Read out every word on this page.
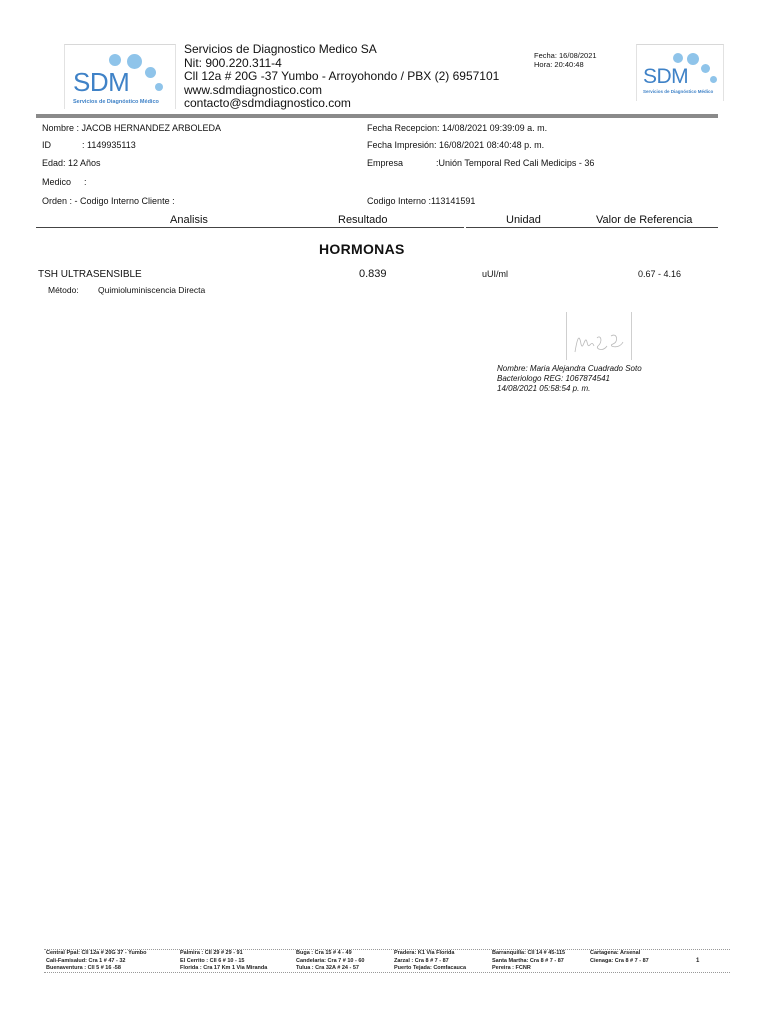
SDM
Servicios de Diagnóstico Médico
SDM
Servicios de Diagnóstico Médico
Servicios de Diagnostico Medico SA
Nit: 900.220.311-4
Cll 12a # 20G -37 Yumbo - Arroyohondo / PBX (2) 6957101
www.sdmdiagnostico.com
contacto@sdmdiagnostico.com
Fecha: 16/08/2021
Hora: 20:40:48
Nombre : JACOB HERNANDEZ ARBOLEDA
ID	: 1149935113
Edad: 12 Años
Medico :
Orden : - Codigo Interno Cliente :
Fecha Recepcion: 14/08/2021 09:39:09 a. m.
Fecha Impresión: 16/08/2021 08:40:48 p. m.
Empresa	:Unión Temporal Red Cali Medicips - 36
Codigo Interno :113141591
Analisis	Resultado	Unidad	Valor de Referencia
HORMONAS
TSH ULTRASENSIBLE	0.839	uUI/ml	0.67 - 4.16
Método: Quimioluminiscencia Directa
Nombre: Maria Alejandra Cuadrado Soto
Bacteriologo REG: 1067874541
14/08/2021 05:58:54 p. m.
Central Ppal: Cll 12a # 20G 37 - Yumbo
Cali-Famisalud: Cra 1 # 47 - 32
Buenaventura : Cll 5 # 16 -58
Palmira : Cll 29 # 29 - 91
El Cerrito : Cll 6 # 10 - 15
Florida : Cra 17 Km 1 Via Miranda
Buga : Cra 15 # 4 - 49
Candelaria: Cra 7 # 10 - 60
Tulua : Cra 32A # 24 - 57
Pradera: K1 Via Florida
Zarzal : Cra 8 # 7 - 87
Puerto Tejada: Comfacauca
Barranquilla: Cll 14 # 45-115
Santa Martha: Cra 8 # 7 - 87
Pereira : FCNR
Cartagena: Arsenal
Cienaga: Cra 8 # 7 - 87	1
